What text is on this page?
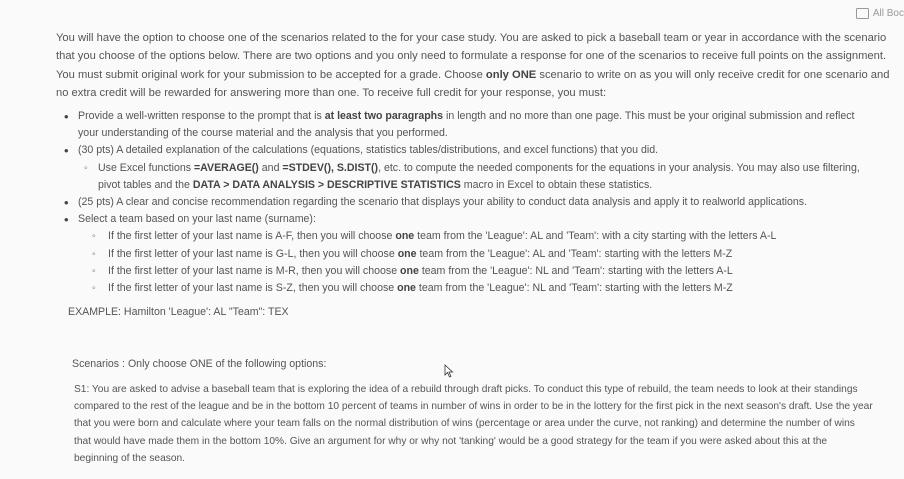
All Boc

You will have the option to choose one of the scenarios related to the for your case study. You are asked to pick a baseball team or year in accordance with the scenario that you choose of the options below. There are two options and you only need to formulate a response for one of the scenarios to receive full points on the assignment. You must submit original work for your submission to be accepted for a grade. Choose only ONE scenario to write on as you will only receive credit for one scenario and no extra credit will be rewarded for answering more than one. To receive full credit for your response, you must:

• Provide a well-written response to the prompt that is at least two paragraphs in length and no more than one page. This must be your original submission and reflect your understanding of the course material and the analysis that you performed.
• (30 pts) A detailed explanation of the calculations (equations, statistics tables/distributions, and excel functions) that you did.
◦ Use Excel functions =AVERAGE() and =STDEV(), S.DIST(), etc. to compute the needed components for the equations in your analysis. You may also use filtering, pivot tables and the DATA > DATA ANALYSIS > DESCRIPTIVE STATISTICS macro in Excel to obtain these statistics.
• (25 pts) A clear and concise recommendation regarding the scenario that displays your ability to conduct data analysis and apply it to realworld applications.
• Select a team based on your last name (surname):
◦ If the first letter of your last name is A-F, then you will choose one team from the 'League': AL and 'Team': with a city starting with the letters A-L
◦ If the first letter of your last name is G-L, then you will choose one team from the 'League': AL and 'Team': starting with the letters M-Z
◦ If the first letter of your last name is M-R, then you will choose one team from the 'League': NL and 'Team': starting with the letters A-L
◦ If the first letter of your last name is S-Z, then you will choose one team from the 'League': NL and 'Team': starting with the letters M-Z
EXAMPLE: Hamilton 'League': AL "Team": TEX
Scenarios : Only choose ONE of the following options:

S1: You are asked to advise a baseball team that is exploring the idea of a rebuild through draft picks. To conduct this type of rebuild, the team needs to look at their standings compared to the rest of the league and be in the bottom 10 percent of teams in number of wins in order to be in the lottery for the first pick in the next season's draft. Use the year that you were born and calculate where your team falls on the normal distribution of wins (percentage or area under the curve, not ranking) and determine the number of wins that would have made them in the bottom 10%. Give an argument for why or why not 'tanking' would be a good strategy for the team if you were asked about this at the beginning of the season.
